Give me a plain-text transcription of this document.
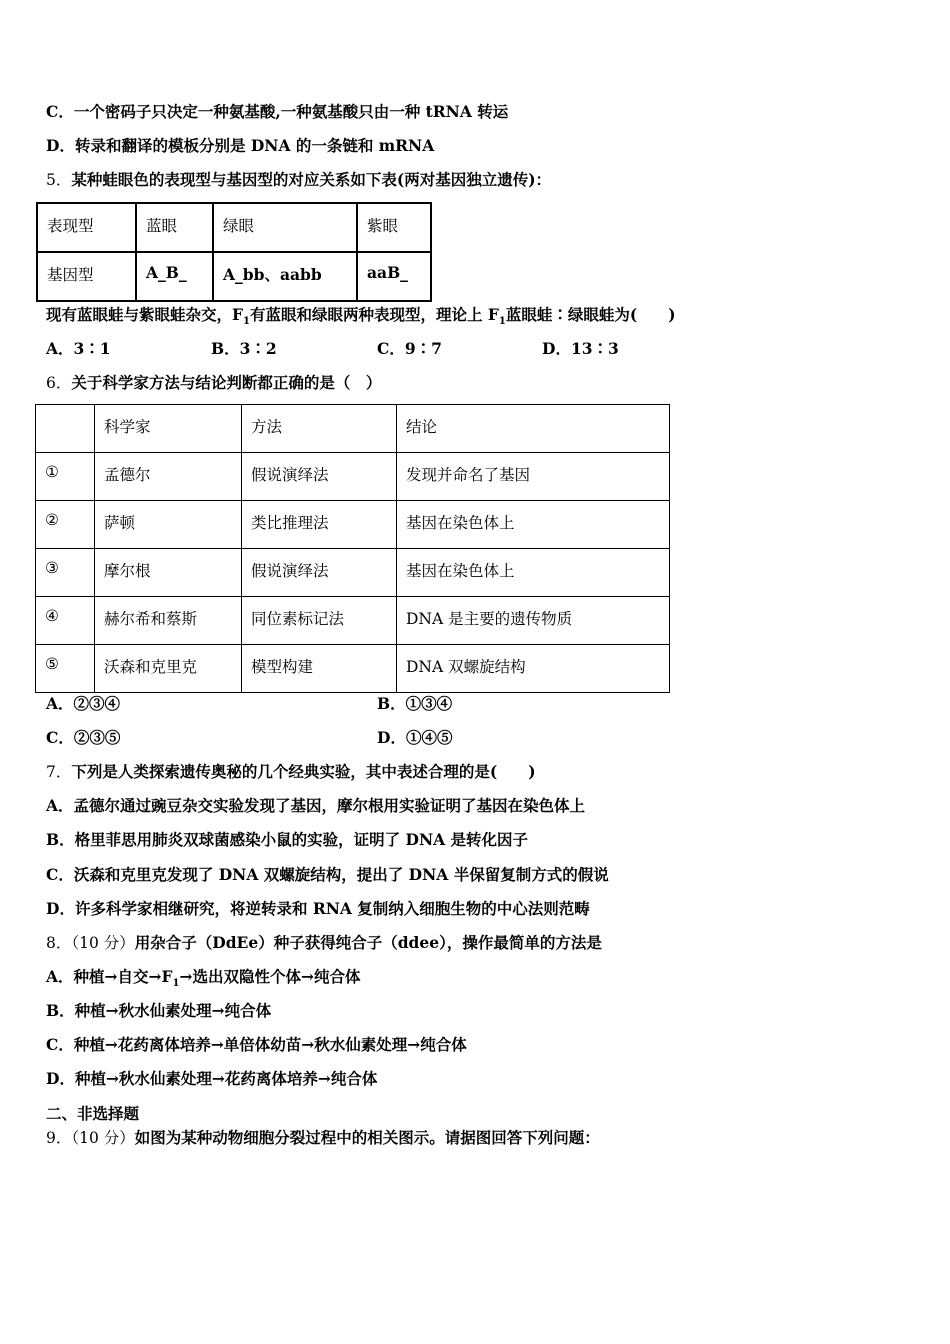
C．一个密码子只决定一种氨基酸,一种氨基酸只由一种 tRNA 转运
D．转录和翻译的模板分别是 DNA 的一条链和 mRNA
5．某种蛙眼色的表现型与基因型的对应关系如下表(两对基因独立遗传)：
表现型	蓝眼	绿眼	紫眼
基因型	A_B_	A_bb、aabb	aaB_
现有蓝眼蛙与紫眼蛙杂交，$F_1$有蓝眼和绿眼两种表现型，理论上 $F_1$蓝眼蛙∶绿眼蛙为(　　)
A．3∶1	B．3∶2	C．9∶7	D．13∶3
6．关于科学家方法与结论判断都正确的是（　）
	科学家	方法	结论
①	孟德尔	假说演绎法	发现并命名了基因
②	萨顿	类比推理法	基因在染色体上
③	摩尔根	假说演绎法	基因在染色体上
④	赫尔希和蔡斯	同位素标记法	DNA 是主要的遗传物质
⑤	沃森和克里克	模型构建	DNA 双螺旋结构
A．②③④	B．①③④
C．②③⑤	D．①④⑤
7．下列是人类探索遗传奥秘的几个经典实验，其中表述合理的是(　　)
A．孟德尔通过豌豆杂交实验发现了基因，摩尔根用实验证明了基因在染色体上
B．格里菲思用肺炎双球菌感染小鼠的实验，证明了 DNA 是转化因子
C．沃森和克里克发现了 DNA 双螺旋结构，提出了 DNA 半保留复制方式的假说
D．许多科学家相继研究，将逆转录和 RNA 复制纳入细胞生物的中心法则范畴
8．（10 分）用杂合子（DdEe）种子获得纯合子（ddee），操作最简单的方法是
A．种植→自交$\to F_1\to$选出双隐性个体→纯合体
B．种植→秋水仙素处理→纯合体
C．种植→花药离体培养→单倍体幼苗→秋水仙素处理→纯合体
D．种植→秋水仙素处理→花药离体培养→纯合体
二、非选择题
9．（10 分）如图为某种动物细胞分裂过程中的相关图示。请据图回答下列问题：
